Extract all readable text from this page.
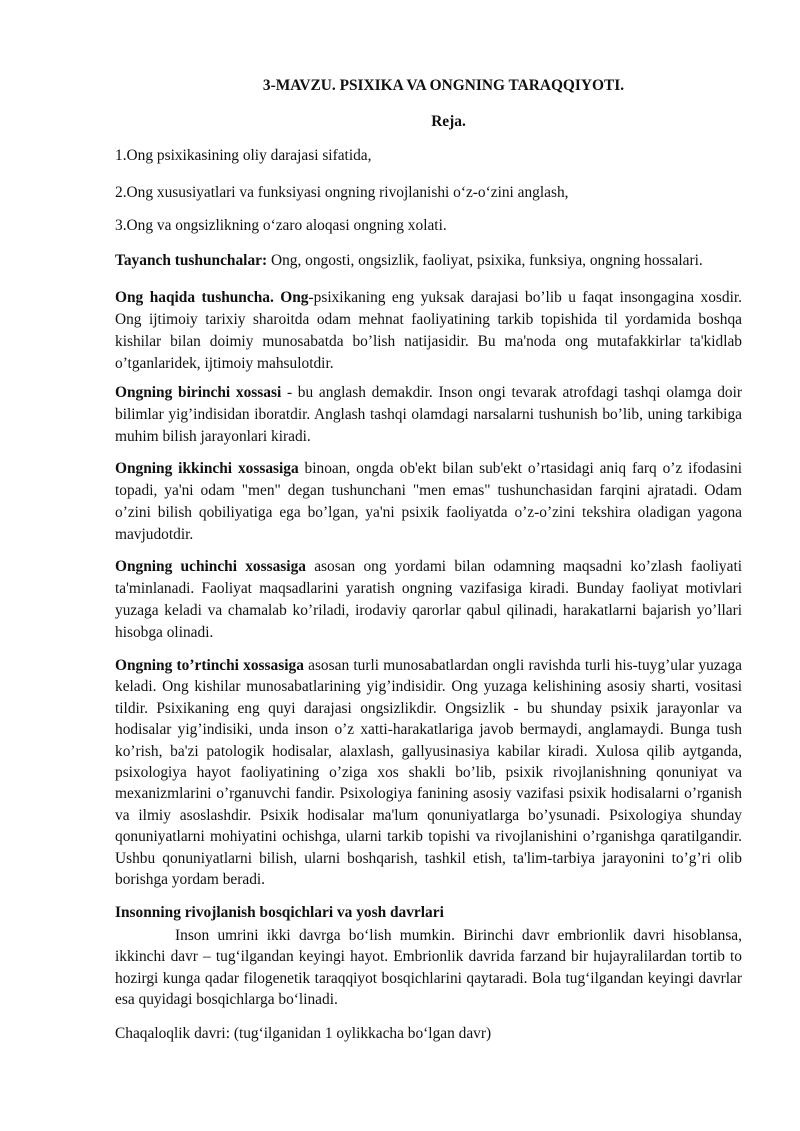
3-MAVZU. PSIXIKA VA ONGNING TARAQQIYOTI.
Reja.
1.Ong psixikasining oliy darajasi sifatida,
2.Ong xususiyatlari va funksiyasi ongning rivojlanishi oʻz-oʻzini anglash,
3.Ong va ongsizlikning oʻzaro aloqasi ongning xolati.
Tayanch tushunchalar: Ong, ongosti, ongsizlik, faoliyat, psixika, funksiya, ongning hossalari.
Ong haqida tushuncha. Ong-psixikaning eng yuksak darajasi bo’lib u faqat insongagina xosdir. Ong ijtimoiy tarixiy sharoitda odam mehnat faoliyatining tarkib topishida til yordamida boshqa kishilar bilan doimiy munosabatda bo’lish natijasidir. Bu ma'noda ong mutafakkirlar ta'kidlab o’tganlaridek, ijtimoiy mahsulotdir.
Ongning birinchi xossasi - bu anglash demakdir. Inson ongi tevarak atrofdagi tashqi olamga doir bilimlar yig’indisidan iboratdir. Anglash tashqi olamdagi narsalarni tushunish bo’lib, uning tarkibiga muhim bilish jarayonlari kiradi.
Ongning ikkinchi xossasiga binoan, ongda ob'ekt bilan sub'ekt o’rtasidagi aniq farq o’z ifodasini topadi, ya'ni odam "men" degan tushunchani "men emas" tushunchasidan farqini ajratadi. Odam o’zini bilish qobiliyatiga ega bo’lgan, ya'ni psixik faoliyatda o’z-o’zini tekshira oladigan yagona mavjudotdir.
Ongning uchinchi xossasiga asosan ong yordami bilan odamning maqsadni ko’zlash faoliyati ta'minlanadi. Faoliyat maqsadlarini yaratish ongning vazifasiga kiradi. Bunday faoliyat motivlari yuzaga keladi va chamalab ko’riladi, irodaviy qarorlar qabul qilinadi, harakatlarni bajarish yo’llari hisobga olinadi.
Ongning to’rtinchi xossasiga asosan turli munosabatlardan ongli ravishda turli his-tuyg’ular yuzaga keladi. Ong kishilar munosabatlarining yig’indisidir. Ong yuzaga kelishining asosiy sharti, vositasi tildir. Psixikaning eng quyi darajasi ongsizlikdir. Ongsizlik - bu shunday psixik jarayonlar va hodisalar yig’indisiki, unda inson o’z xatti-harakatlariga javob bermaydi, anglamaydi. Bunga tush ko’rish, ba'zi patologik hodisalar, alaxlash, gallyusinasiya kabilar kiradi. Xulosa qilib aytganda, psixologiya hayot faoliyatining o’ziga xos shakli bo’lib, psixik rivojlanishning qonuniyat va mexanizmlarini o’rganuvchi fandir. Psixologiya fanining asosiy vazifasi psixik hodisalarni o’rganish va ilmiy asoslashdir. Psixik hodisalar ma'lum qonuniyatlarga bo’ysunadi. Psixologiya shunday qonuniyatlarni mohiyatini ochishga, ularni tarkib topishi va rivojlanishini o’rganishga qaratilgandir. Ushbu qonuniyatlarni bilish, ularni boshqarish, tashkil etish, ta'lim-tarbiya jarayonini to’g’ri olib borishga yordam beradi.
Insonning rivojlanish bosqichlari va yosh davrlari
Inson umrini ikki davrga boʻlish mumkin. Birinchi davr embrionlik davri hisoblansa, ikkinchi davr – tugʻilgandan keyingi hayot. Embrionlik davrida farzand bir hujayralilardan tortib to hozirgi kunga qadar filogenetik taraqqiyot bosqichlarini qaytaradi. Bola tugʻilgandan keyingi davrlar esa quyidagi bosqichlarga boʻlinadi.
Chaqaloqlik davri: (tugʻilganidan 1 oylikkacha boʻlgan davr)
